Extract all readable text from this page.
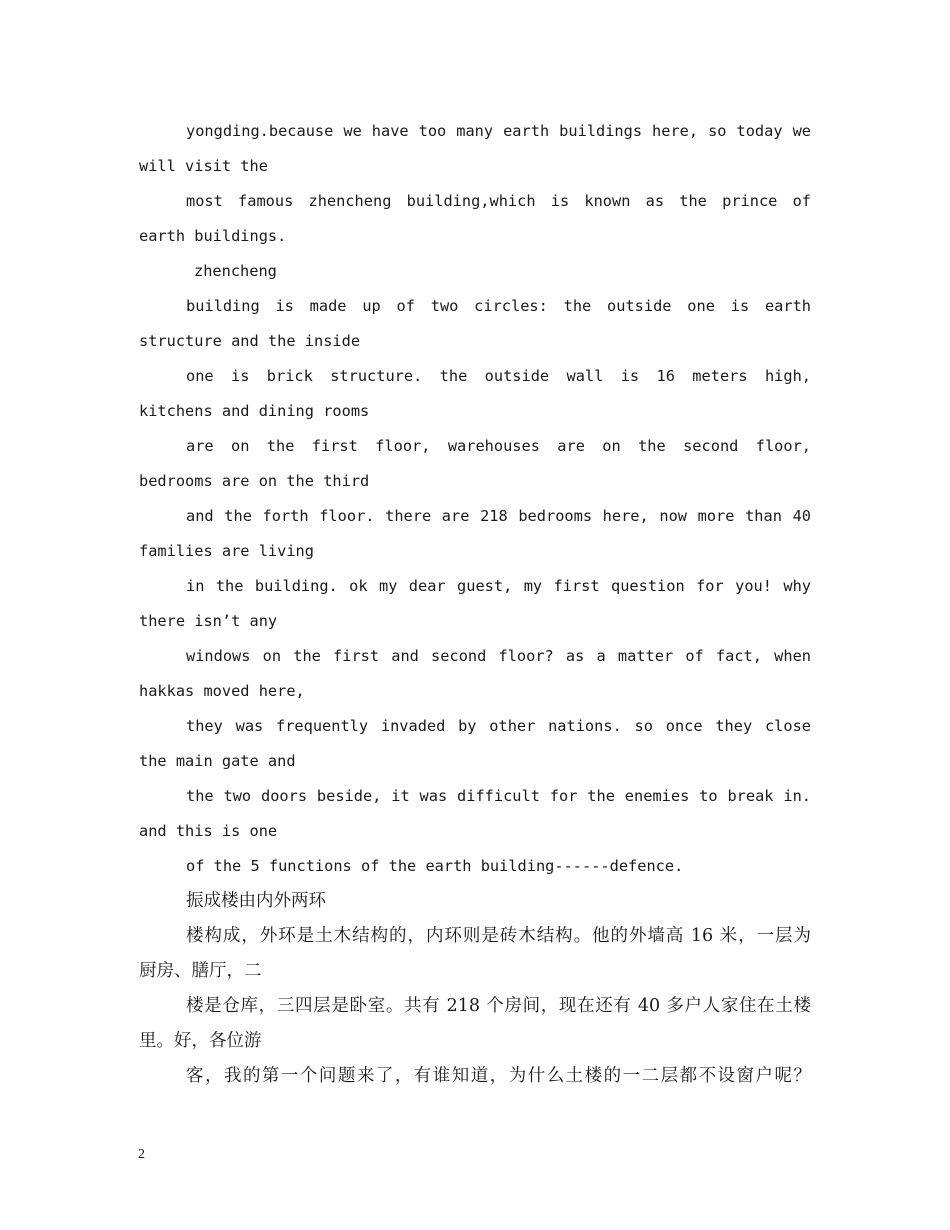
yongding.because we have too many earth buildings here, so today we
will visit the
most famous zhencheng building,which is known as the prince of
earth buildings.
zhencheng
building is made up of two circles: the outside one is earth
structure and the inside
one is brick structure. the outside wall is 16 meters high,
kitchens and dining rooms
are on the first floor, warehouses are on the second floor,
bedrooms are on the third
and the forth floor. there are 218 bedrooms here, now more than 40
families are living
in the building. ok my dear guest, my first question for you! why
there isn’t any
windows on the first and second floor? as a matter of fact, when
hakkas moved here,
they was frequently invaded by other nations. so once they close
the main gate and
the two doors beside, it was difficult for the enemies to break in.
and this is one
of the 5 functions of the earth building------defence.
振成楼由内外两环
楼构成，外环是土木结构的，内环则是砖木结构。他的外墙高 16 米，一层为
厨房、膳厅，二
楼是仓库，三四层是卧室。共有 218 个房间，现在还有 40 多户人家住在土楼
里。好，各位游
客，我的第一个问题来了，有谁知道，为什么土楼的一二层都不设窗户呢？
2
